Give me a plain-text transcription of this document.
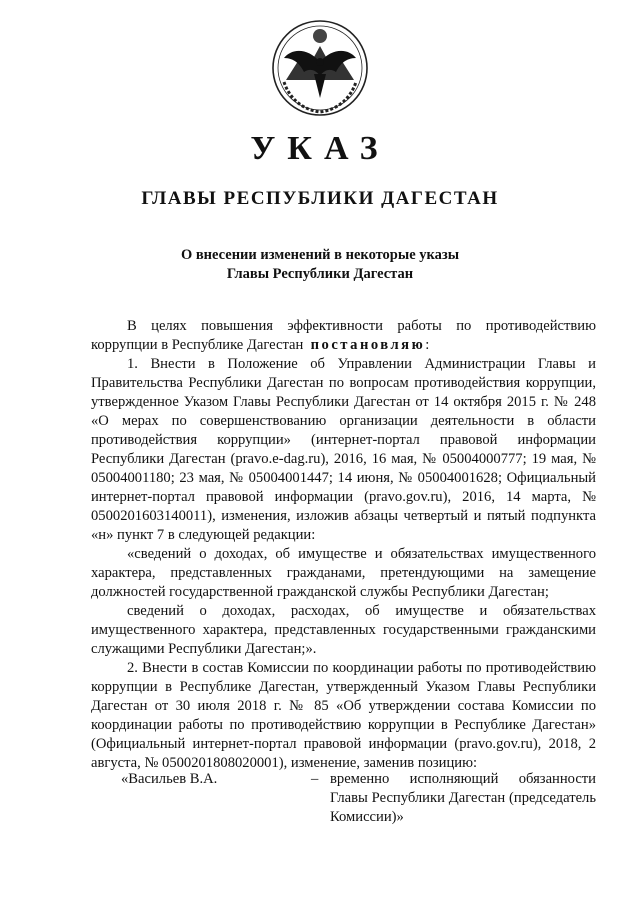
УКАЗ
ГЛАВЫ РЕСПУБЛИКИ ДАГЕСТАН
О внесении изменений в некоторые указы
Главы Республики Дагестан

В целях повышения эффективности работы по противодействию коррупции в Республике Дагестан постановляю:

1. Внести в Положение об Управлении Администрации Главы и Правительства Республики Дагестан по вопросам противодействия коррупции, утвержденное Указом Главы Республики Дагестан от 14 октября 2015 г. № 248 «О мерах по совершенствованию организации деятельности в области противодействия коррупции» (интернет-портал правовой информации Республики Дагестан (pravo.e-dag.ru), 2016, 16 мая, № 05004000777; 19 мая, № 05004001180; 23 мая, № 05004001447; 14 июня, № 05004001628; Официальный интернет-портал правовой информации (pravo.gov.ru), 2016, 14 марта, № 0500201603140011), изменения, изложив абзацы четвертый и пятый подпункта «н» пункт 7 в следующей редакции:

«сведений о доходах, об имуществе и обязательствах имущественного характера, представленных гражданами, претендующими на замещение должностей государственной гражданской службы Республики Дагестан;

сведений о доходах, расходах, об имуществе и обязательствах имущественного характера, представленных государственными гражданскими служащими Республики Дагестан;».

2. Внести в состав Комиссии по координации работы по противодействию коррупции в Республике Дагестан, утвержденный Указом Главы Республики Дагестан от 30 июля 2018 г. № 85 «Об утверждении состава Комиссии по координации работы по противодействию коррупции в Республике Дагестан» (Официальный интернет-портал правовой информации (pravo.gov.ru), 2018, 2 августа, № 0500201808020001), изменение, заменив позицию:

«Васильев В.А.	– временно исполняющий обязанности Главы Республики Дагестан (председатель Комиссии)»
